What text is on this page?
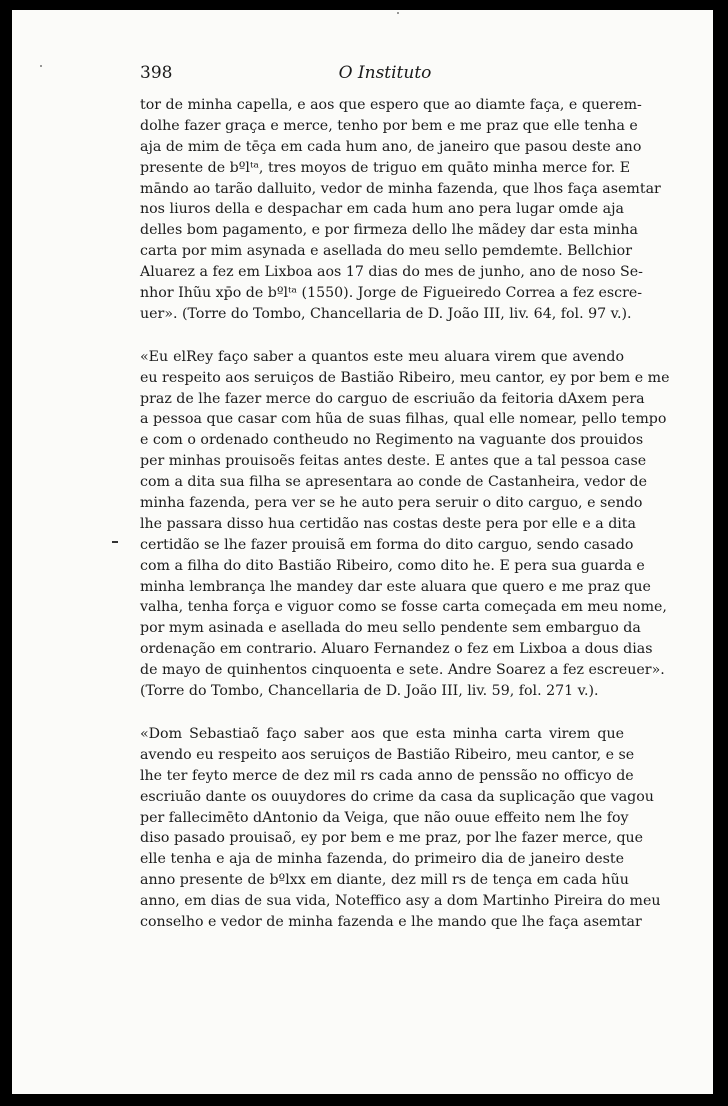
398	O Instituto
tor de minha capella, e aos que espero que ao diamte faça, e querem-
dolhe fazer graça e merce, tenho por bem e me praz que elle tenha e
aja de mim de tēça em cada hum ano, de janeiro que pasou deste ano
presente de bºlᵗᵃ, tres moyos de triguo em quāto minha merce for. E
māndo ao tarão dalluito, vedor de minha fazenda, que lhos faça asemtar
nos liuros della e despachar em cada hum ano pera lugar omde aja
delles bom pagamento, e por firmeza dello lhe mãdey dar esta minha
carta por mim asynada e asellada do meu sello pemdemte. Bellchior
Aluarez a fez em Lixboa aos 17 dias do mes de junho, ano de noso Se-
nhor Ihũu xp̄o de bºlᵗᵃ (1550). Jorge de Figueiredo Correa a fez escre-
uer». (Torre do Tombo, Chancellaria de D. João III, liv. 64, fol. 97 v.).
«Eu elRey faço saber a quantos este meu aluara virem que avendo
eu respeito aos seruiços de Bastião Ribeiro, meu cantor, ey por bem e me
praz de lhe fazer merce do carguo de escriuão da feitoria dAxem pera
a pessoa que casar com hũa de suas filhas, qual elle nomear, pello tempo
e com o ordenado contheudo no Regimento na vaguante dos prouidos
per minhas prouisoẽs feitas antes deste. E antes que a tal pessoa case
com a dita sua filha se apresentara ao conde de Castanheira, vedor de
minha fazenda, pera ver se he auto pera seruir o dito carguo, e sendo
lhe passara disso hua certidão nas costas deste pera por elle e a dita
certidão se lhe fazer prouisã em forma do dito carguo, sendo casado
com a filha do dito Bastião Ribeiro, como dito he. E pera sua guarda e
minha lembrança lhe mandey dar este aluara que quero e me praz que
valha, tenha força e viguor como se fosse carta começada em meu nome,
por mym asinada e asellada do meu sello pendente sem embarguo da
ordenação em contrario. Aluaro Fernandez o fez em Lixboa a dous dias
de mayo de quinhentos cinquoenta e sete. Andre Soarez a fez escreuer».
(Torre do Tombo, Chancellaria de D. João III, liv. 59, fol. 271 v.).
«Dom Sebastiaõ faço saber aos que esta minha carta virem que
avendo eu respeito aos seruiços de Bastião Ribeiro, meu cantor, e se
lhe ter feyto merce de dez mil rs cada anno de penssão no officyo de
escriuão dante os ouuydores do crime da casa da suplicação que vagou
per fallecimēto dAntonio da Veiga, que não ouue effeito nem lhe foy
diso pasado prouisaõ, ey por bem e me praz, por lhe fazer merce, que
elle tenha e aja de minha fazenda, do primeiro dia de janeiro deste
anno presente de bºlxx em diante, dez mill rs de tença em cada hũu
anno, em dias de sua vida, Noteffico asy a dom Martinho Pireira do meu
conselho e vedor de minha fazenda e lhe mando que lhe faça asemtar
